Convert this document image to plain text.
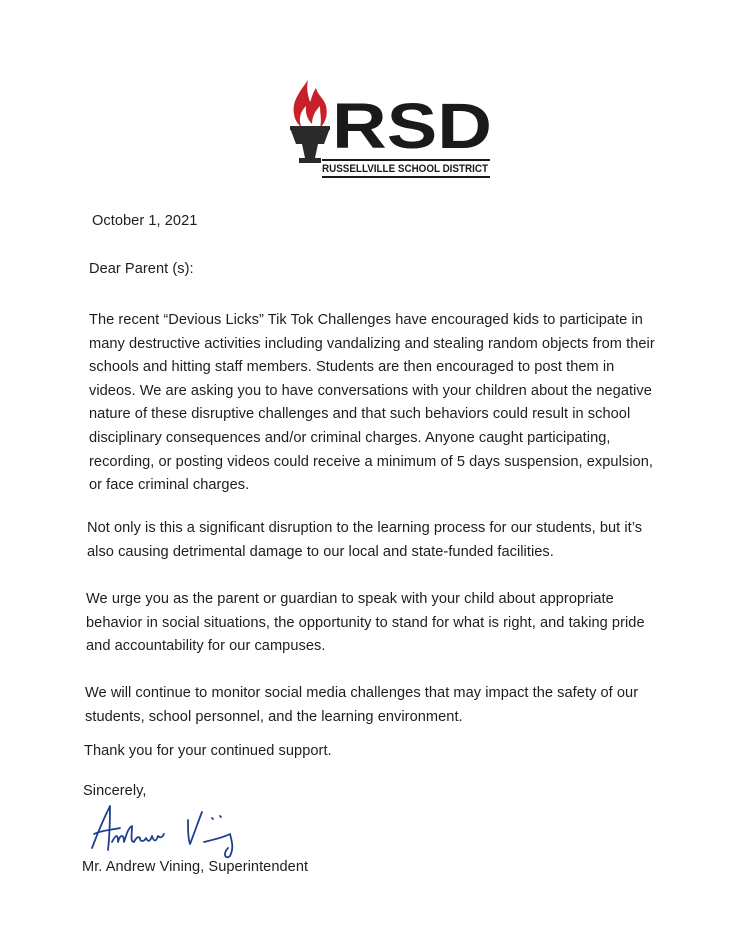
RSD
RUSSELLVILLE SCHOOL DISTRICT
October 1, 2021
Dear Parent (s):
The recent “Devious Licks” Tik Tok Challenges have encouraged kids to participate in
many destructive activities including vandalizing and stealing random objects from their
schools and hitting staff members. Students are then encouraged to post them in
videos. We are asking you to have conversations with your children about the negative
nature of these disruptive challenges and that such behaviors could result in school
disciplinary consequences and/or criminal charges. Anyone caught participating,
recording, or posting videos could receive a minimum of 5 days suspension, expulsion,
or face criminal charges.
Not only is this a significant disruption to the learning process for our students, but it’s
also causing detrimental damage to our local and state-funded facilities.
We urge you as the parent or guardian to speak with your child about appropriate
behavior in social situations, the opportunity to stand for what is right, and taking pride
and accountability for our campuses.
We will continue to monitor social media challenges that may impact the safety of our
students, school personnel, and the learning environment.
Thank you for your continued support.
Sincerely,
Mr. Andrew Vining, Superintendent
